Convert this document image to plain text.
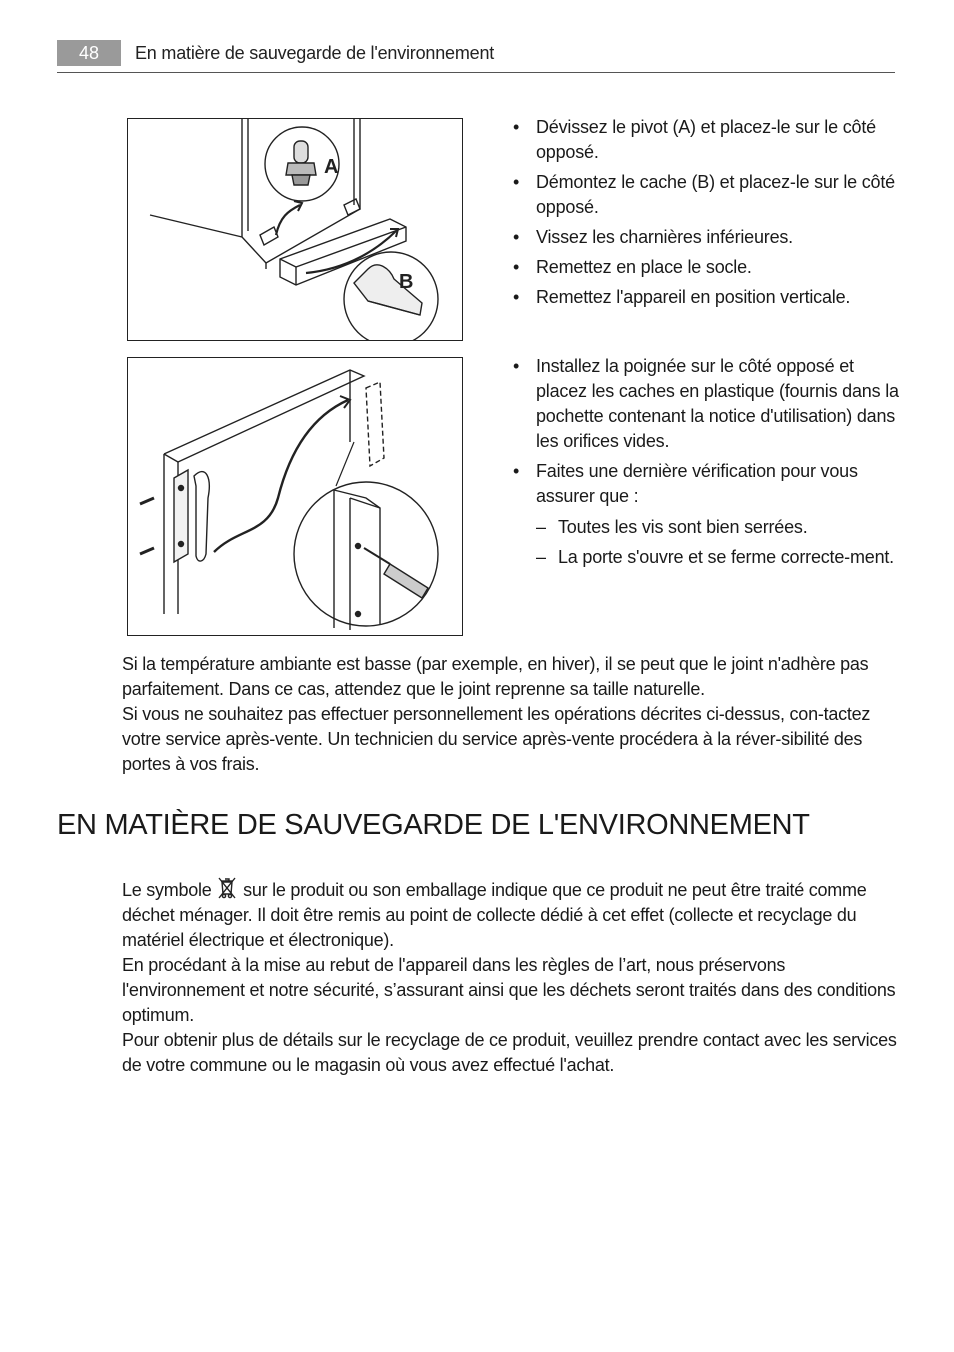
48	En matière de sauvegarde de l'environnement
A
B
• Dévissez le pivot (A) et placez-le sur le côté opposé.
• Démontez le cache (B) et placez-le sur le côté opposé.
• Vissez les charnières inférieures.
• Remettez en place le socle.
• Remettez l'appareil en position verticale.
• Installez la poignée sur le côté opposé et placez les caches en plastique (fournis dans la pochette contenant la notice d'utilisation) dans les orifices vides.
• Faites une dernière vérification pour vous assurer que :
– Toutes les vis sont bien serrées.
– La porte s'ouvre et se ferme correcte-ment.
Si la température ambiante est basse (par exemple, en hiver), il se peut que le joint n'adhère pas parfaitement. Dans ce cas, attendez que le joint reprenne sa taille naturelle.
Si vous ne souhaitez pas effectuer personnellement les opérations décrites ci-dessus, con-tactez votre service après-vente. Un technicien du service après-vente procédera à la réver-sibilité des portes à vos frais.
EN MATIÈRE DE SAUVEGARDE DE L'ENVIRONNEMENT
Le symbole sur le produit ou son emballage indique que ce produit ne peut être traité comme déchet ménager. Il doit être remis au point de collecte dédié à cet effet (collecte et recyclage du matériel électrique et électronique).
En procédant à la mise au rebut de l'appareil dans les règles de l’art, nous préservons l'environnement et notre sécurité, s’assurant ainsi que les déchets seront traités dans des conditions optimum.
Pour obtenir plus de détails sur le recyclage de ce produit, veuillez prendre contact avec les services de votre commune ou le magasin où vous avez effectué l'achat.
